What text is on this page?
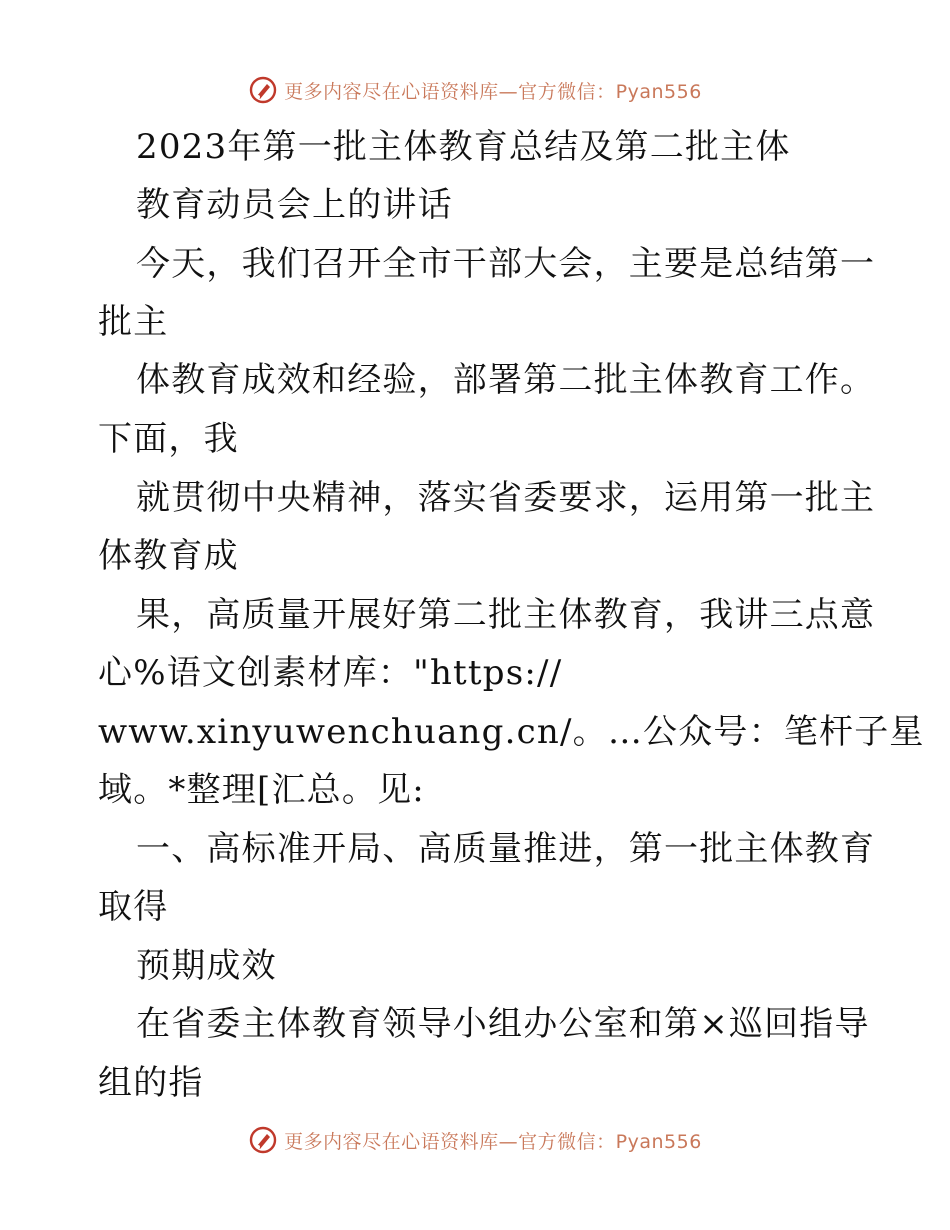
更多内容尽在心语资料库—官方微信：Pyan556
2023年第一批主体教育总结及第二批主体
教育动员会上的讲话
今天，我们召开全市干部大会，主要是总结第一
批主
体教育成效和经验，部署第二批主体教育工作。
下面，我
就贯彻中央精神，落实省委要求，运用第一批主
体教育成
果，高质量开展好第二批主体教育，我讲三点意
心%语文创素材库："https://
www.xinyuwenchuang.cn/。…公众号：笔杆子星
域。*整理[汇总。见:
一、高标准开局、高质量推进，第一批主体教育
取得
预期成效
在省委主体教育领导小组办公室和第×巡回指导
组的指
更多内容尽在心语资料库—官方微信：Pyan556
